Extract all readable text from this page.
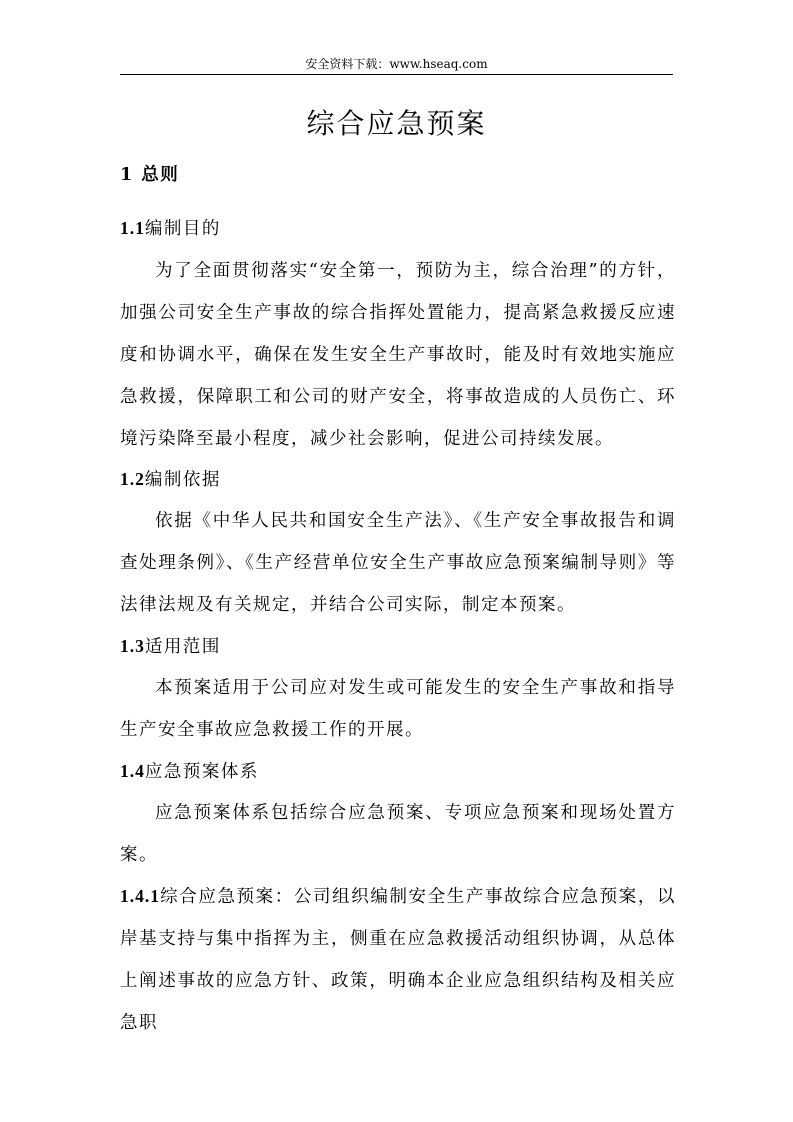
安全资料下载：www.hseaq.com
综合应急预案
1 总则
1.1编制目的
为了全面贯彻落实“安全第一，预防为主，综合治理”的方针，加强公司安全生产事故的综合指挥处置能力，提高紧急救援反应速度和协调水平，确保在发生安全生产事故时，能及时有效地实施应急救援，保障职工和公司的财产安全，将事故造成的人员伤亡、环境污染降至最小程度，减少社会影响，促进公司持续发展。
1.2编制依据
依据《中华人民共和国安全生产法》、《生产安全事故报告和调查处理条例》、《生产经营单位安全生产事故应急预案编制导则》等法律法规及有关规定，并结合公司实际，制定本预案。
1.3适用范围
本预案适用于公司应对发生或可能发生的安全生产事故和指导生产安全事故应急救援工作的开展。
1.4应急预案体系
应急预案体系包括综合应急预案、专项应急预案和现场处置方案。
1.4.1综合应急预案：公司组织编制安全生产事故综合应急预案，以岸基支持与集中指挥为主，侧重在应急救援活动组织协调，从总体上阐述事故的应急方针、政策，明确本企业应急组织结构及相关应急职
